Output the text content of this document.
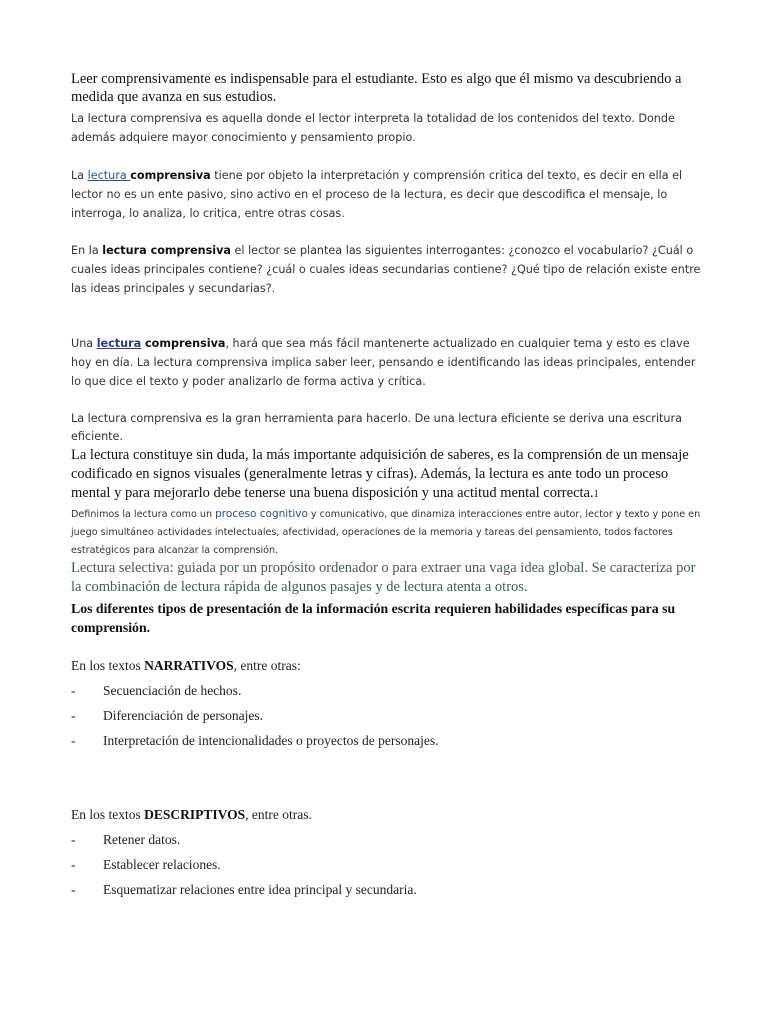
Leer comprensivamente es indispensable para el estudiante. Esto es algo que él mismo va descubriendo a medida que avanza en sus estudios.
La lectura comprensiva es aquella donde el lector interpreta la totalidad de los contenidos del texto. Donde además adquiere mayor conocimiento y pensamiento propio.
La lectura comprensiva tiene por objeto la interpretación y comprensión critica del texto, es decir en ella el lector no es un ente pasivo, sino activo en el proceso de la lectura, es decir que descodifica el mensaje, lo interroga, lo analiza, lo critica, entre otras cosas.
En la lectura comprensiva el lector se plantea las siguientes interrogantes: ¿conozco el vocabulario? ¿Cuál o cuales ideas principales contiene? ¿cuál o cuales ideas secundarias contiene? ¿Qué tipo de relación existe entre las ideas principales y secundarias?.
Una lectura comprensiva, hará que sea más fácil mantenerte actualizado en cualquier tema y esto es clave hoy en día. La lectura comprensiva implica saber leer, pensando e identificando las ideas principales, entender lo que dice el texto y poder analizarlo de forma activa y crítica.
La lectura comprensiva es la gran herramienta para hacerlo. De una lectura eficiente se deriva una escritura eficiente.
La lectura constituye sin duda, la más importante adquisición de saberes, es la comprensión de un mensaje codificado en signos visuales (generalmente letras y cifras). Además, la lectura es ante todo un proceso mental y para mejorarlo debe tenerse una buena disposición y una actitud mental correcta.1
Definimos la lectura como un proceso cognitivo y comunicativo, que dinamiza interacciones entre autor, lector y texto y pone en juego simultáneo actividades intelectuales, afectividad, operaciones de la memoria y tareas del pensamiento, todos factores estratégicos para alcanzar la comprensión.
Lectura selectiva: guiada por un propósito ordenador o para extraer una vaga idea global. Se caracteriza por la combinación de lectura rápida de algunos pasajes y de lectura atenta a otros.
Los diferentes tipos de presentación de la información escrita requieren habilidades específicas para su comprensión.
En los textos NARRATIVOS, entre otras:
- Secuenciación de hechos.
- Diferenciación de personajes.
- Interpretación de intencionalidades o proyectos de personajes.
En los textos DESCRIPTIVOS, entre otras.
- Retener datos.
- Establecer relaciones.
- Esquematizar relaciones entre idea principal y secundaria.
